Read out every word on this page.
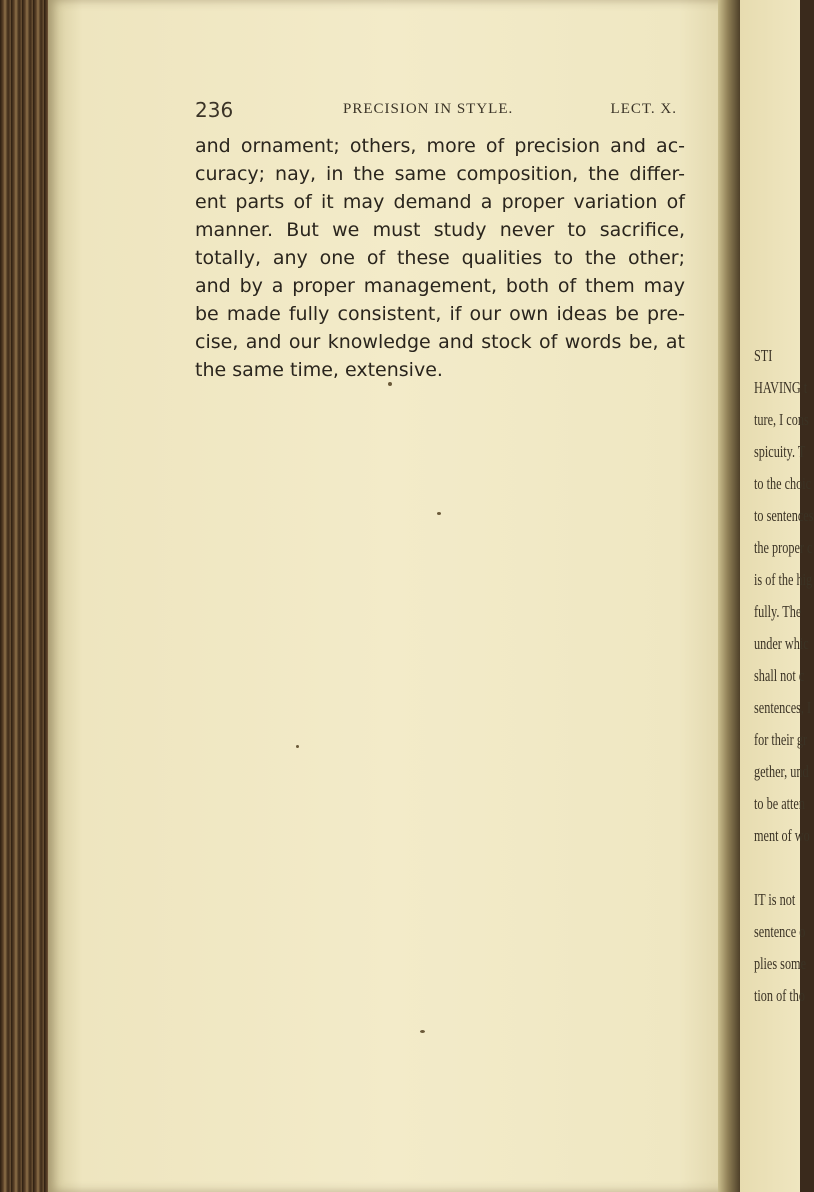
236	PRECISION IN STYLE.	LECT. X.
and ornament; others, more of precision and ac-
curacy; nay, in the same composition, the differ-
ent parts of it may demand a proper variation of
manner. But we must study never to sacrifice,
totally, any one of these qualities to the other;
and by a proper management, both of them may
be made fully consistent, if our own ideas be pre-
cise, and our knowledge and stock of words be, at
the same time, extensive.
STI
HAVING t
ture, I cons
spicuity. T
to the choic
to sentences
the proper c
is of the hig
fully. The
under whic
shall not c
sentences, I
for their gr
gether, und
to be atten
ment of wo
IT is not
sentence o
plies some
tion of tho
